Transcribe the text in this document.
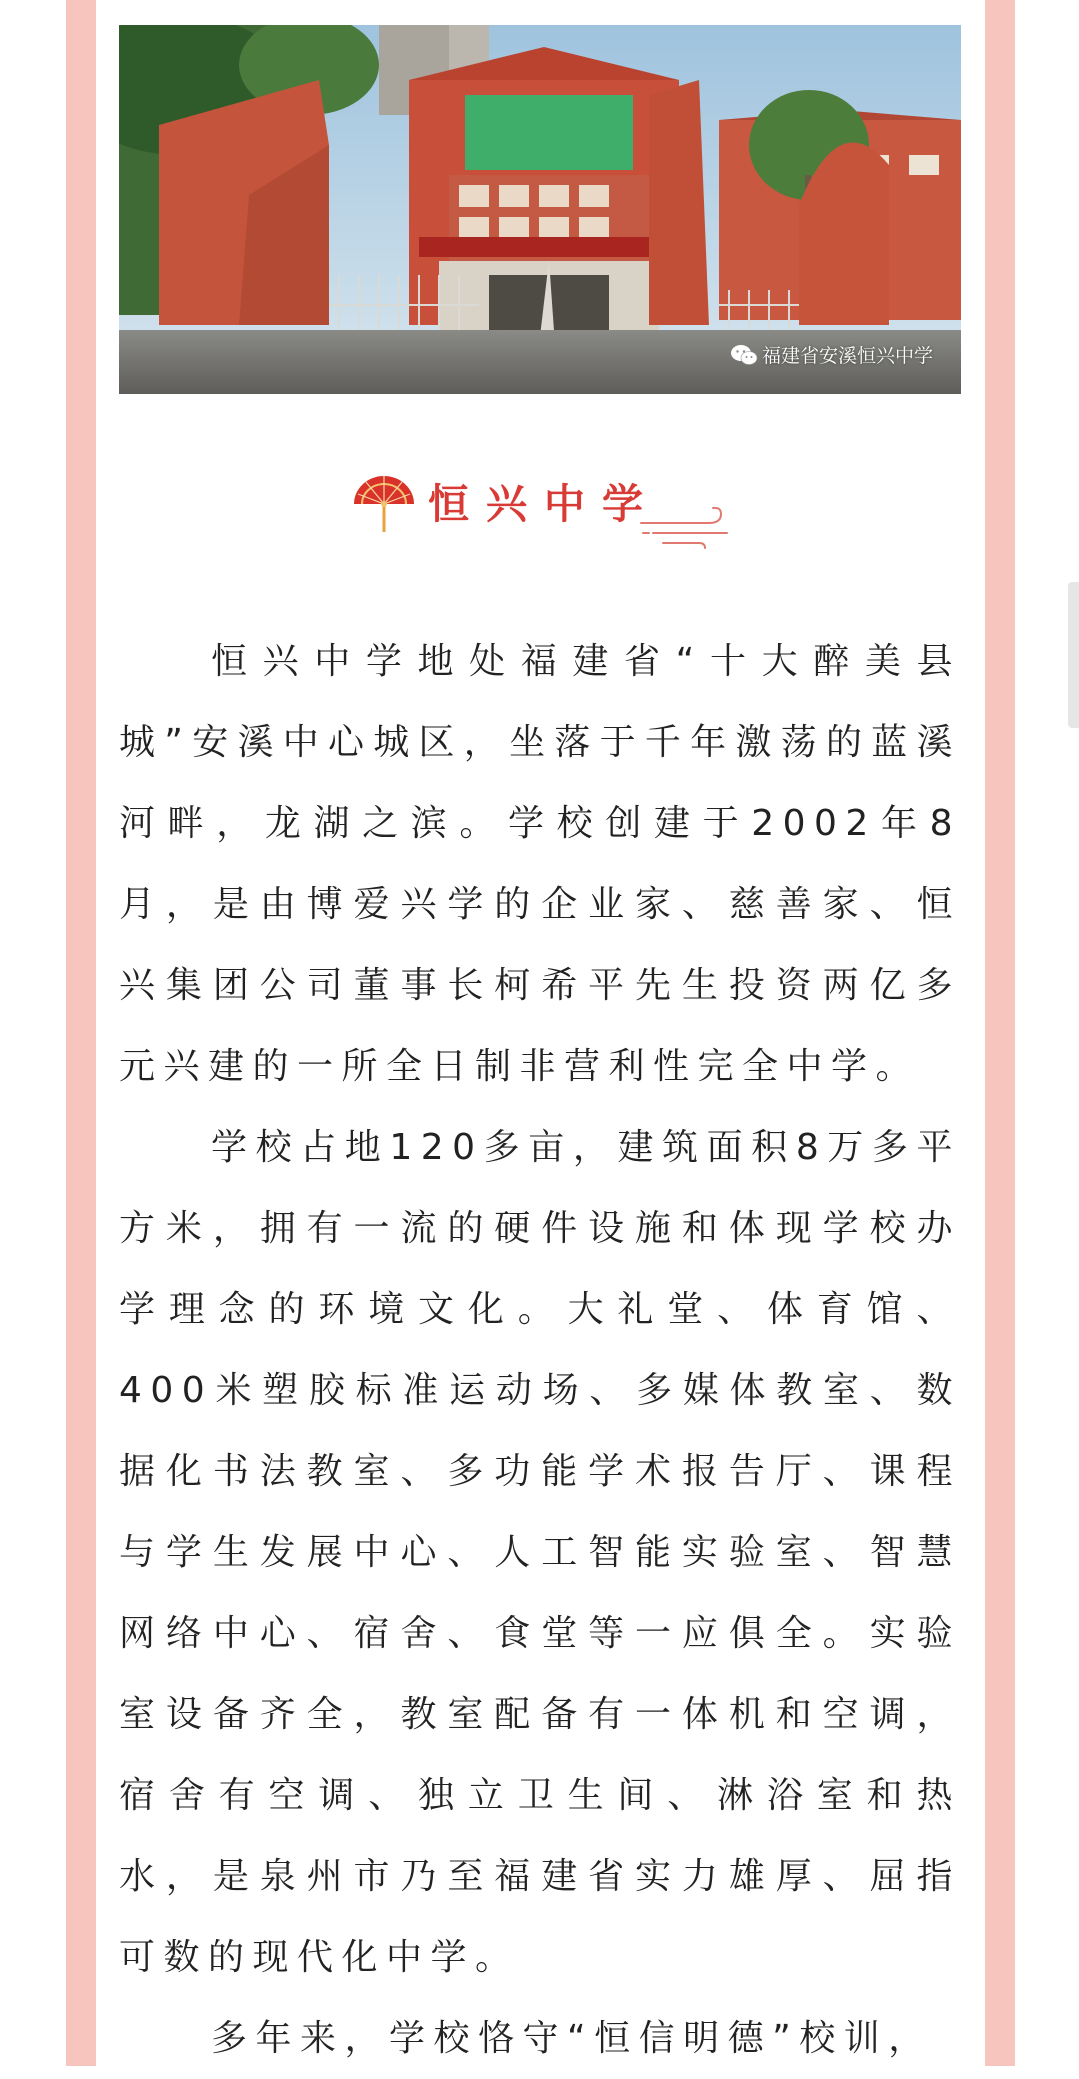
福建省安溪恒兴中学
恒兴中学

恒兴中学地处福建省“十大醉美县城”安溪中心城区，坐落于千年激荡的蓝溪河畔，龙湖之滨。学校创建于2002年8月，是由博爱兴学的企业家、慈善家、恒兴集团公司董事长柯希平先生投资两亿多元兴建的一所全日制非营利性完全中学。

学校占地120多亩，建筑面积8万多平方米，拥有一流的硬件设施和体现学校办学理念的环境文化。大礼堂、体育馆、400米塑胶标准运动场、多媒体教室、数据化书法教室、多功能学术报告厅、课程与学生发展中心、人工智能实验室、智慧网络中心、宿舍、食堂等一应俱全。实验室设备齐全，教室配备有一体机和空调，宿舍有空调、独立卫生间、淋浴室和热水，是泉州市乃至福建省实力雄厚、屈指可数的现代化中学。

多年来，学校恪守“恒信明德”校训，
